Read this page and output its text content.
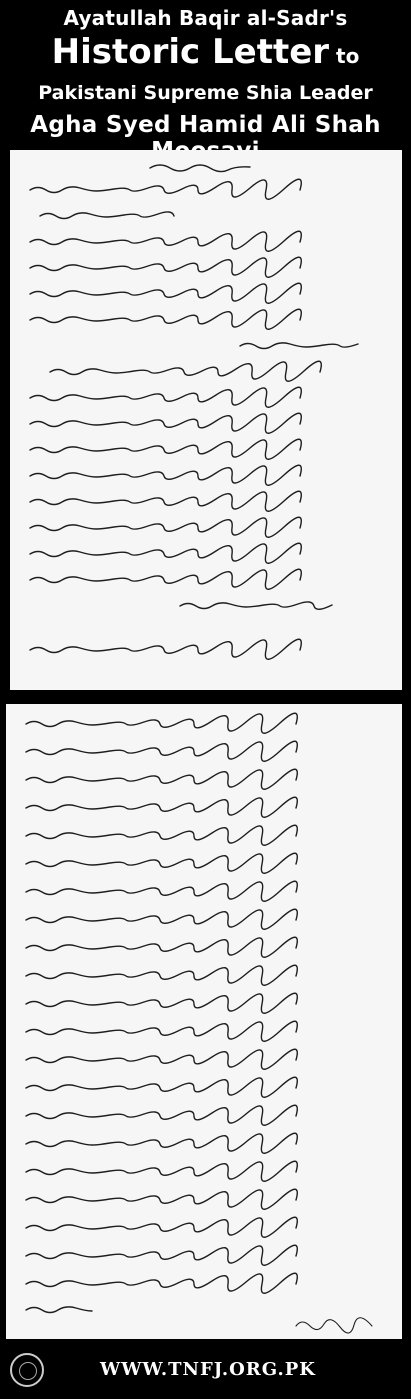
Ayatullah Baqir al-Sadr's
Historic Letter to
Pakistani Supreme Shia Leader
Agha Syed Hamid Ali Shah
WWW.TNFJ.ORG.PK
